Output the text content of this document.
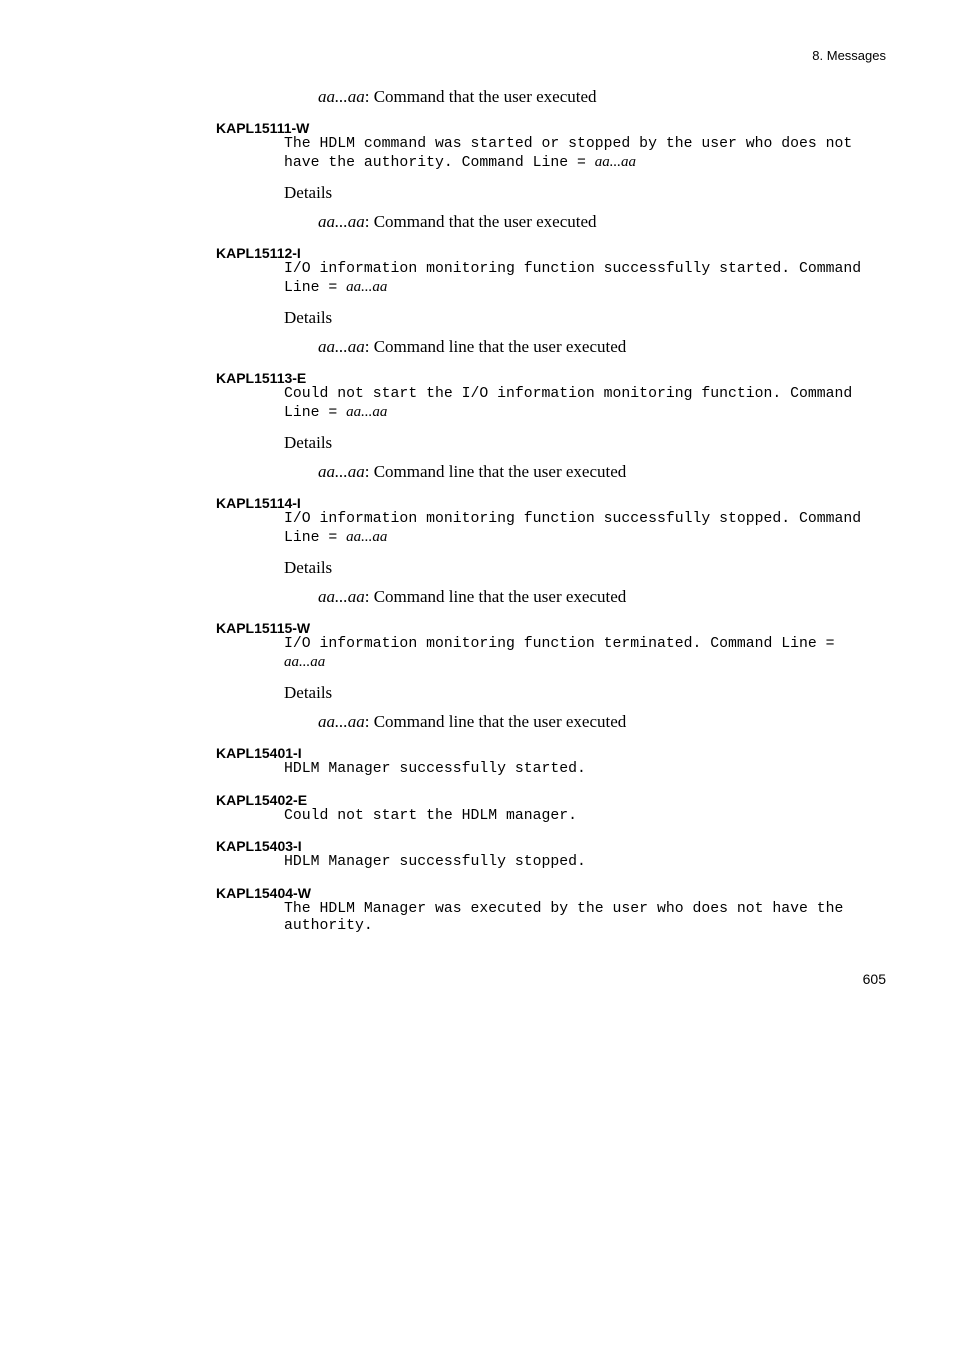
8. Messages
aa...aa: Command that the user executed
KAPL15111-W
The HDLM command was started or stopped by the user who does not have the authority. Command Line = aa...aa
Details
aa...aa: Command that the user executed
KAPL15112-I
I/O information monitoring function successfully started. Command Line = aa...aa
Details
aa...aa: Command line that the user executed
KAPL15113-E
Could not start the I/O information monitoring function. Command Line = aa...aa
Details
aa...aa: Command line that the user executed
KAPL15114-I
I/O information monitoring function successfully stopped. Command Line = aa...aa
Details
aa...aa: Command line that the user executed
KAPL15115-W
I/O information monitoring function terminated. Command Line = aa...aa
Details
aa...aa: Command line that the user executed
KAPL15401-I
HDLM Manager successfully started.
KAPL15402-E
Could not start the HDLM manager.
KAPL15403-I
HDLM Manager successfully stopped.
KAPL15404-W
The HDLM Manager was executed by the user who does not have the authority.
605
